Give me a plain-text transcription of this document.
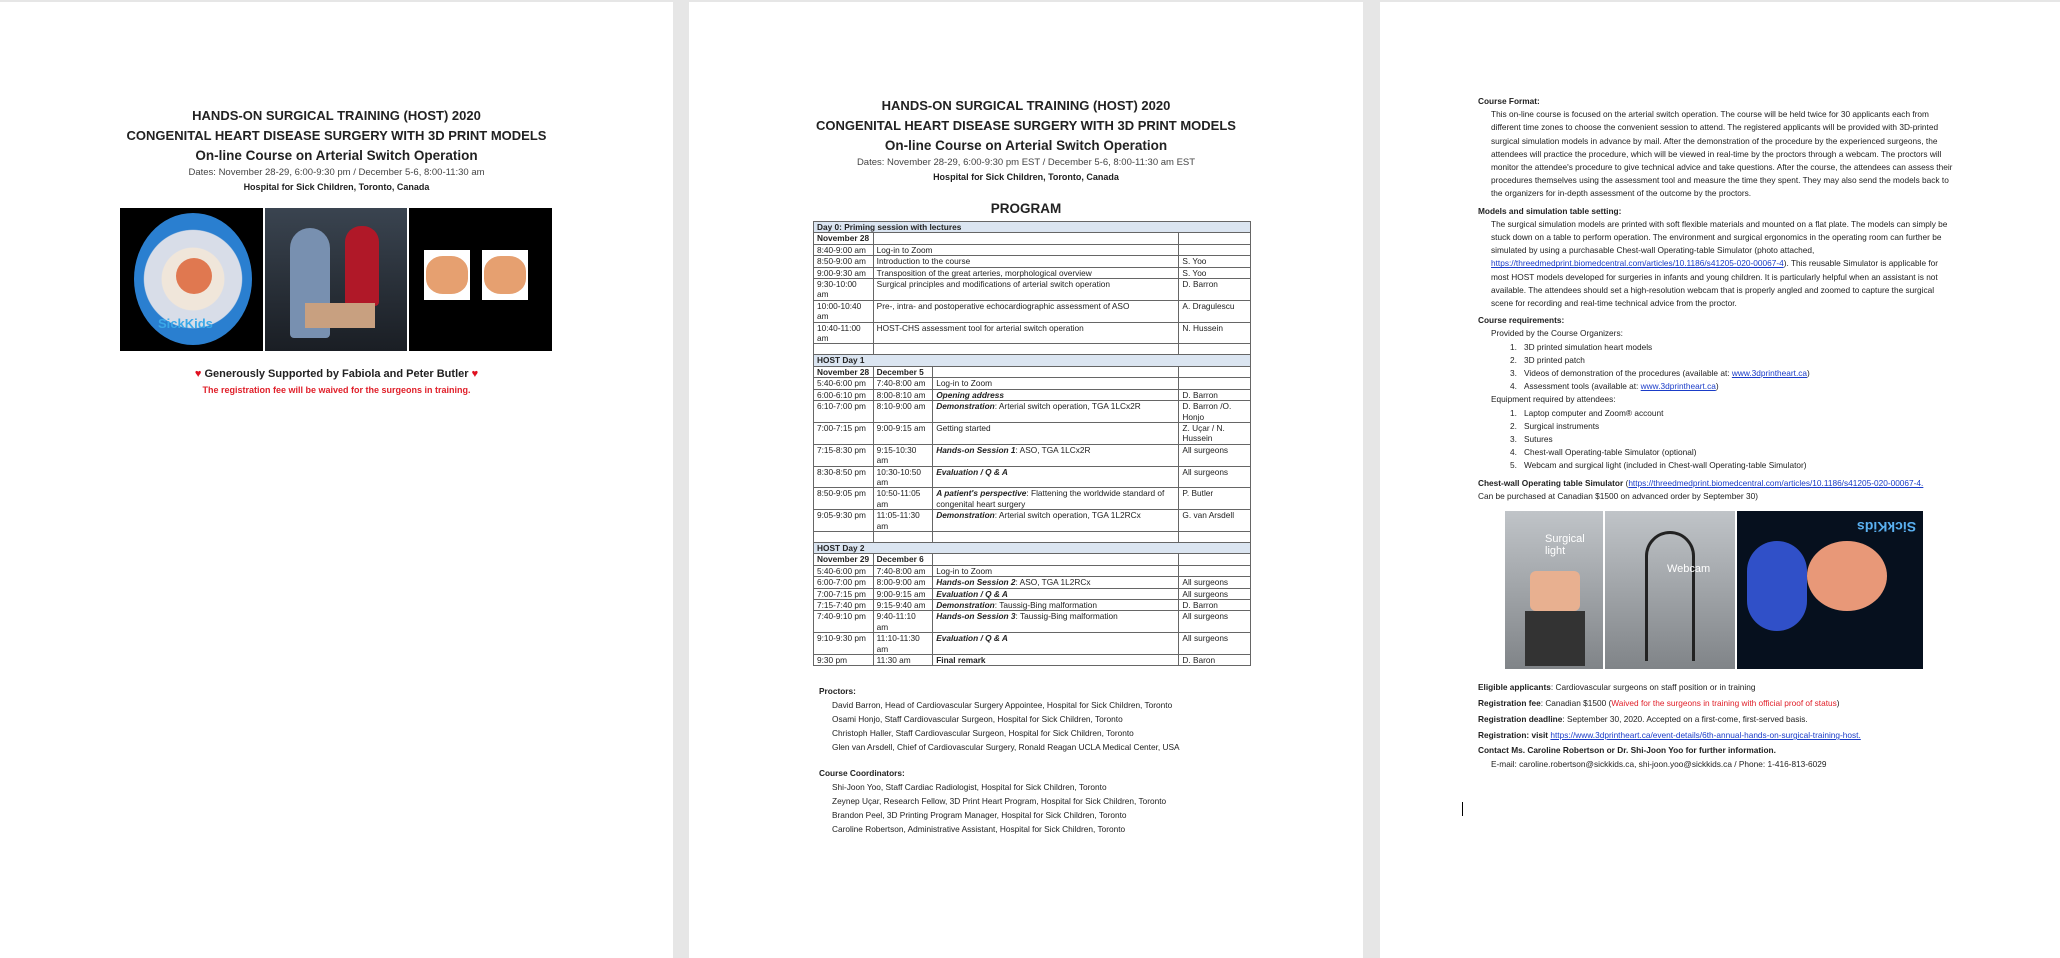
HANDS-ON SURGICAL TRAINING (HOST) 2020
CONGENITAL HEART DISEASE SURGERY WITH 3D PRINT MODELS
On-line Course on Arterial Switch Operation
Dates: November 28-29, 6:00-9:30 pm / December 5-6, 8:00-11:30 am
Hospital for Sick Children, Toronto, Canada
SickKids
♥ Generously Supported by Fabiola and Peter Butler ♥
The registration fee will be waived for the surgeons in training.
HANDS-ON SURGICAL TRAINING (HOST) 2020
CONGENITAL HEART DISEASE SURGERY WITH 3D PRINT MODELS
On-line Course on Arterial Switch Operation
Dates: November 28-29, 6:00-9:30 pm EST / December 5-6, 8:00-11:30 am EST
Hospital for Sick Children, Toronto, Canada
PROGRAM
Day 0: Priming session with lectures			
November 28			
8:40-9:00 am	Log-in to Zoom		
8:50-9:00 am	Introduction to the course		S. Yoo
9:00-9:30 am	Transposition of the great arteries, morphological overview		S. Yoo
9:30-10:00 am	Surgical principles and modifications of arterial switch operation		D. Barron
10:00-10:40 am	Pre-, intra- and postoperative echocardiographic assessment of ASO		A. Dragulescu
10:40-11:00 am	HOST-CHS assessment tool for arterial switch operation		N. Hussein

HOST Day 1			
November 28	December 5		
5:40-6:00 pm	7:40-8:00 am	Log-in to Zoom	
6:00-6:10 pm	8:00-8:10 am	Opening address	D. Barron
6:10-7:00 pm	8:10-9:00 am	Demonstration: Arterial switch operation, TGA 1LCx2R	D. Barron /O. Honjo
7:00-7:15 pm	9:00-9:15 am	Getting started	Z. Uçar / N. Hussein
7:15-8:30 pm	9:15-10:30 am	Hands-on Session 1: ASO, TGA 1LCx2R	All surgeons
8:30-8:50 pm	10:30-10:50 am	Evaluation / Q & A	All surgeons
8:50-9:05 pm	10:50-11:05 am	A patient's perspective: Flattening the worldwide standard of congenital heart surgery	P. Butler
9:05-9:30 pm	11:05-11:30 am	Demonstration: Arterial switch operation, TGA 1L2RCx	G. van Arsdell

HOST Day 2			
November 29	December 6		
5:40-6:00 pm	7:40-8:00 am	Log-in to Zoom	
6:00-7:00 pm	8:00-9:00 am	Hands-on Session 2: ASO, TGA 1L2RCx	All surgeons
7:00-7:15 pm	9:00-9:15 am	Evaluation / Q & A	All surgeons
7:15-7:40 pm	9:15-9:40 am	Demonstration: Taussig-Bing malformation	D. Barron
7:40-9:10 pm	9:40-11:10 am	Hands-on Session 3: Taussig-Bing malformation	All surgeons
9:10-9:30 pm	11:10-11:30 am	Evaluation / Q & A	All surgeons
9:30 pm	11:30 am	Final remark	D. Baron
Proctors:
David Barron, Head of Cardiovascular Surgery Appointee, Hospital for Sick Children, Toronto
Osami Honjo, Staff Cardiovascular Surgeon, Hospital for Sick Children, Toronto
Christoph Haller, Staff Cardiovascular Surgeon, Hospital for Sick Children, Toronto
Glen van Arsdell, Chief of Cardiovascular Surgery, Ronald Reagan UCLA Medical Center, USA
Course Coordinators:
Shi-Joon Yoo, Staff Cardiac Radiologist, Hospital for Sick Children, Toronto
Zeynep Uçar, Research Fellow, 3D Print Heart Program, Hospital for Sick Children, Toronto
Brandon Peel, 3D Printing Program Manager, Hospital for Sick Children, Toronto
Caroline Robertson, Administrative Assistant, Hospital for Sick Children, Toronto
Course Format:
This on-line course is focused on the arterial switch operation. The course will be held twice for 30 applicants each from different time zones to choose the convenient session to attend. The registered applicants will be provided with 3D-printed surgical simulation models in advance by mail. After the demonstration of the procedure by the experienced surgeons, the attendees will practice the procedure, which will be viewed in real-time by the proctors through a webcam. The proctors will monitor the attendee's procedure to give technical advice and take questions. After the course, the attendees can assess their procedures themselves using the assessment tool and measure the time they spent. They may also send the models back to the organizers for in-depth assessment of the outcome by the proctors.
Models and simulation table setting:
The surgical simulation models are printed with soft flexible materials and mounted on a flat plate. The models can simply be stuck down on a table to perform operation. The environment and surgical ergonomics in the operating room can further be simulated by using a purchasable Chest-wall Operating-table Simulator (photo attached, https://threedmedprint.biomedcentral.com/articles/10.1186/s41205-020-00067-4). This reusable Simulator is applicable for most HOST models developed for surgeries in infants and young children. It is particularly helpful when an assistant is not available. The attendees should set a high-resolution webcam that is properly angled and zoomed to capture the surgical scene for recording and real-time technical advice from the proctor.
Course requirements:
Provided by the Course Organizers:
1. 3D printed simulation heart models
2. 3D printed patch
3. Videos of demonstration of the procedures (available at: www.3dprintheart.ca)
4. Assessment tools (available at: www.3dprintheart.ca)
Equipment required by attendees:
1. Laptop computer and Zoom® account
2. Surgical instruments
3. Sutures
4. Chest-wall Operating-table Simulator (optional)
5. Webcam and surgical light (included in Chest-wall Operating-table Simulator)
Chest-wall Operating table Simulator (https://threedmedprint.biomedcentral.com/articles/10.1186/s41205-020-00067-4.
Can be purchased at Canadian $1500 on advanced order by September 30)
Surgical light
Webcam
SickKids
Eligible applicants: Cardiovascular surgeons on staff position or in training
Registration fee: Canadian $1500 (Waived for the surgeons in training with official proof of status)
Registration deadline: September 30, 2020. Accepted on a first-come, first-served basis.
Registration: visit https://www.3dprintheart.ca/event-details/6th-annual-hands-on-surgical-training-host.
Contact Ms. Caroline Robertson or Dr. Shi-Joon Yoo for further information.
E-mail: caroline.robertson@sickkids.ca, shi-joon.yoo@sickkids.ca / Phone: 1-416-813-6029
